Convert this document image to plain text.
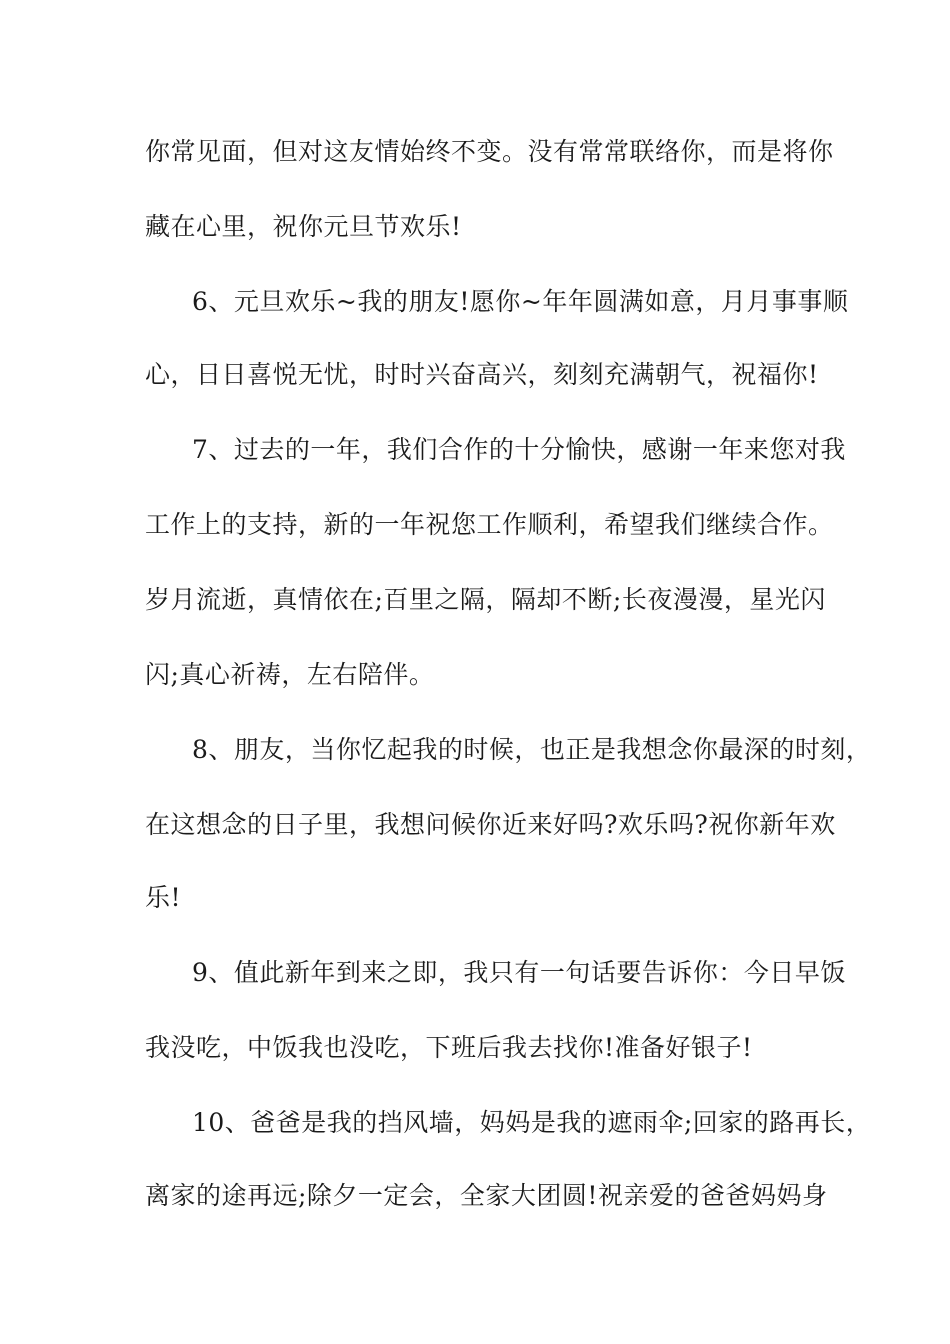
你常见面，但对这友情始终不变。没有常常联络你，而是将你
藏在心里，祝你元旦节欢乐!
6、元旦欢乐~我的朋友!愿你~年年圆满如意，月月事事顺
心，日日喜悦无忧，时时兴奋高兴，刻刻充满朝气，祝福你!
7、过去的一年，我们合作的十分愉快，感谢一年来您对我
工作上的支持，新的一年祝您工作顺利，希望我们继续合作。
岁月流逝，真情依在;百里之隔，隔却不断;长夜漫漫，星光闪
闪;真心祈祷，左右陪伴。
8、朋友，当你忆起我的时候，也正是我想念你最深的时刻，
在这想念的日子里，我想问候你近来好吗?欢乐吗?祝你新年欢
乐!
9、值此新年到来之即，我只有一句话要告诉你：今日早饭
我没吃，中饭我也没吃，下班后我去找你!准备好银子!
10、爸爸是我的挡风墙，妈妈是我的遮雨伞;回家的路再长，
离家的途再远;除夕一定会，全家大团圆!祝亲爱的爸爸妈妈身
